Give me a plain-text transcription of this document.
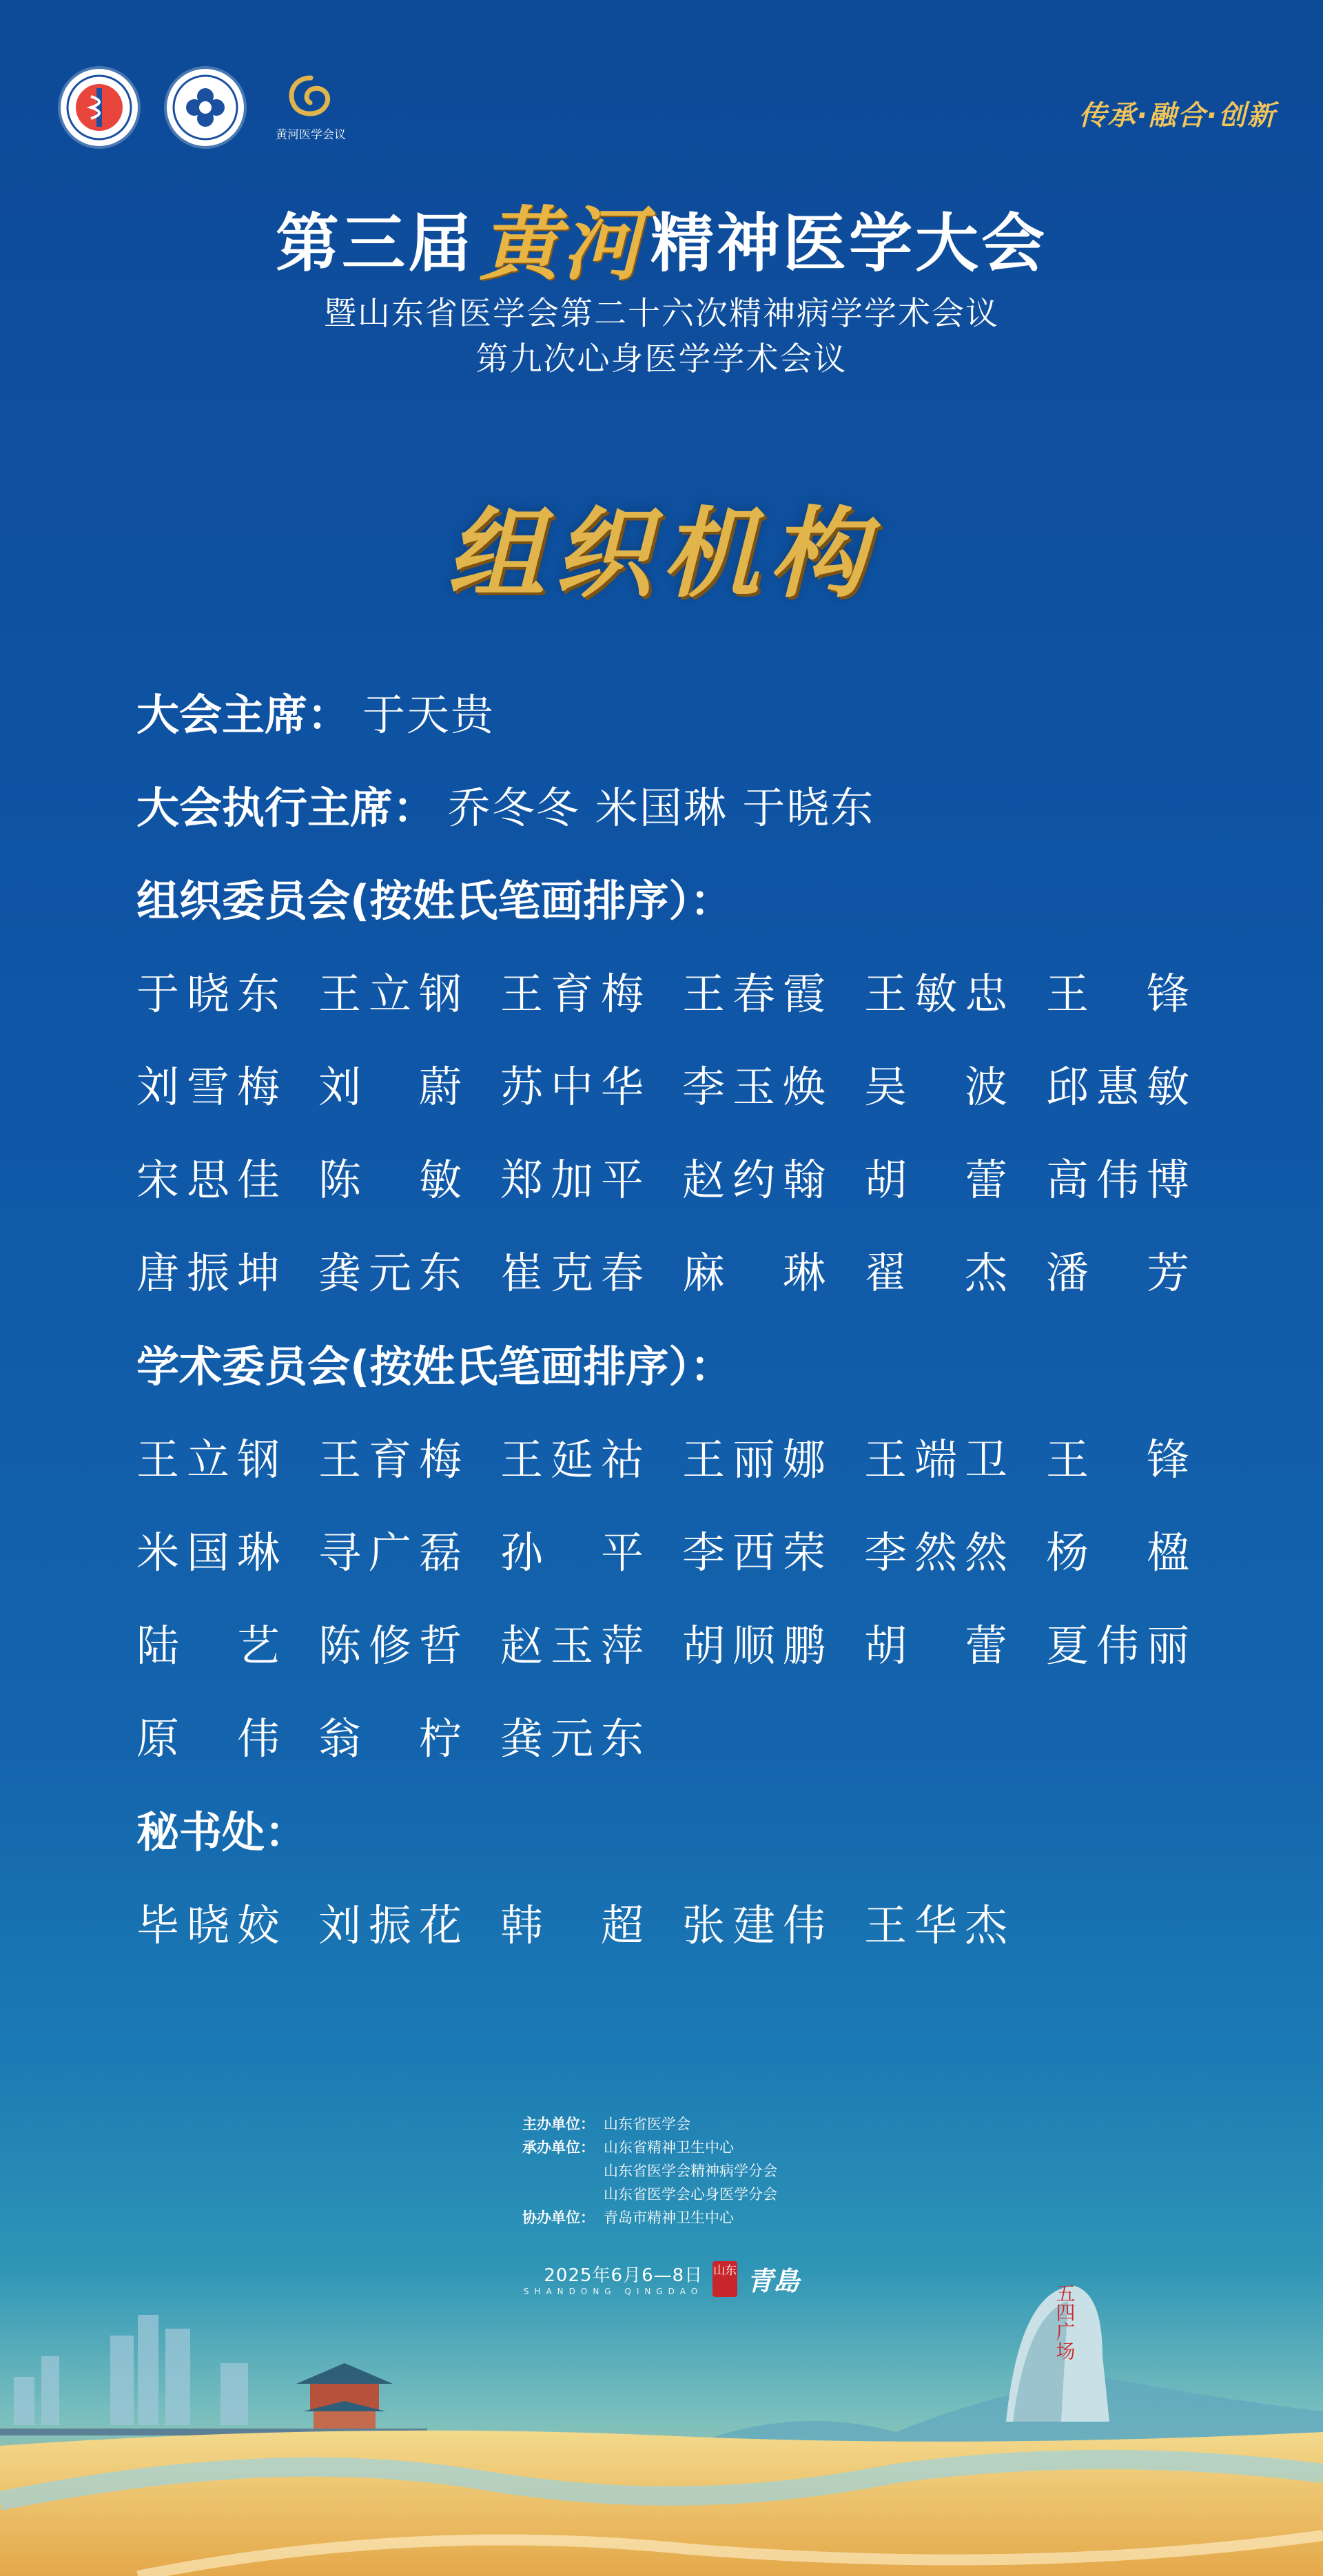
黄河医学会议
传承·融合·创新
第三届 黄河 精神医学大会
暨山东省医学会第二十六次精神病学学术会议
第九次心身医学学术会议
组织机构
大会主席： 于天贵
大会执行主席： 乔冬冬 米国琳 于晓东
组织委员会(按姓氏笔画排序）：
于晓东 王立钢 王育梅 王春霞 王敏忠 王　锋
刘雪梅 刘　蔚 苏中华 李玉焕 吴　波 邱惠敏
宋思佳 陈　敏 郑加平 赵约翰 胡　蕾 高伟博
唐振坤 龚元东 崔克春 麻　琳 翟　杰 潘　芳
学术委员会(按姓氏笔画排序）：
王立钢 王育梅 王延祜 王丽娜 王端卫 王　锋
米国琳 寻广磊 孙　平 李西荣 李然然 杨　楹
陆　艺 陈修哲 赵玉萍 胡顺鹏 胡　蕾 夏伟丽
原　伟 翁　柠 龚元东
秘书处：
毕晓姣 刘振花 韩　超 张建伟 王华杰
五四广场
主办单位： 山东省医学会
承办单位： 山东省精神卫生中心
山东省医学会精神病学分会
山东省医学会心身医学分会
协办单位： 青岛市精神卫生中心
2025年6月6—8日
SHANDONG QINGDAO
山东 青島
